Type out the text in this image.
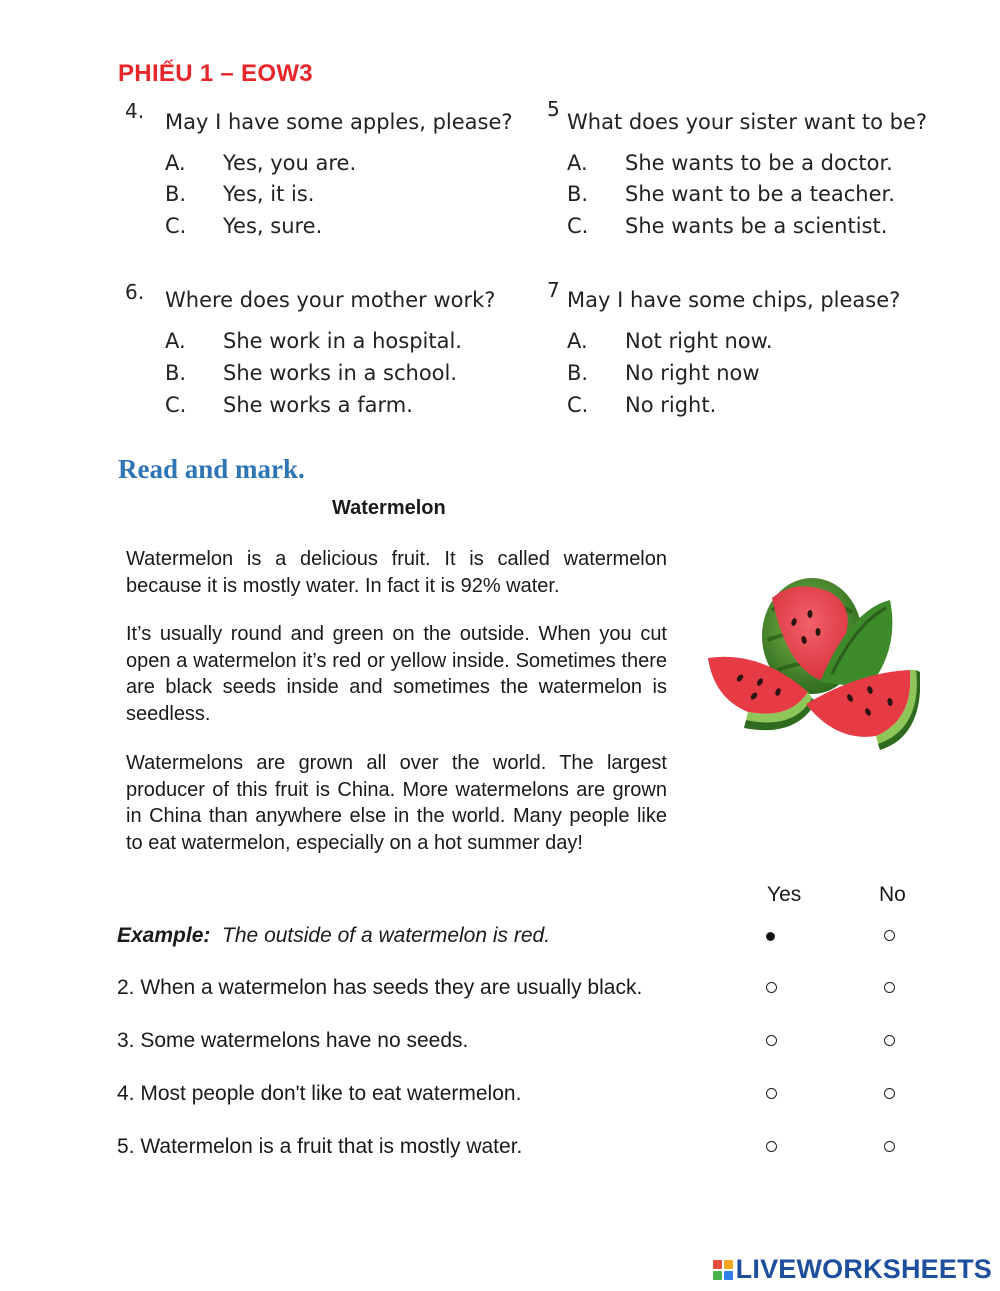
PHIẾU 1 – EOW3
4. May I have some apples, please?
A. Yes, you are.
B. Yes, it is.
C. Yes, sure.
5
What does your sister want to be?
A. She wants to be a doctor.
B. She want to be a teacher.
C. She wants be a scientist.
6. Where does your mother work?
A. She work in a hospital.
B. She works in a school.
C. She works a farm.
7 May I have some chips, please?
A. Not right now.
B. No right now
C. No right.
Read and mark.
Watermelon

Watermelon is a delicious fruit. It is called watermelon because it is mostly water. In fact it is 92% water.

It’s usually round and green on the outside. When you cut open a watermelon it’s red or yellow inside. Sometimes there are black seeds inside and sometimes the watermelon is seedless.

Watermelons are grown all over the world. The largest producer of this fruit is China. More watermelons are grown in China than anywhere else in the world. Many people like to eat watermelon, especially on a hot summer day!

Yes	No
Example: The outside of a watermelon is red.
2. When a watermelon has seeds they are usually black.
3. Some watermelons have no seeds.
4. Most people don't like to eat watermelon.
5. Watermelon is a fruit that is mostly water.
LIVEWORKSHEETS
